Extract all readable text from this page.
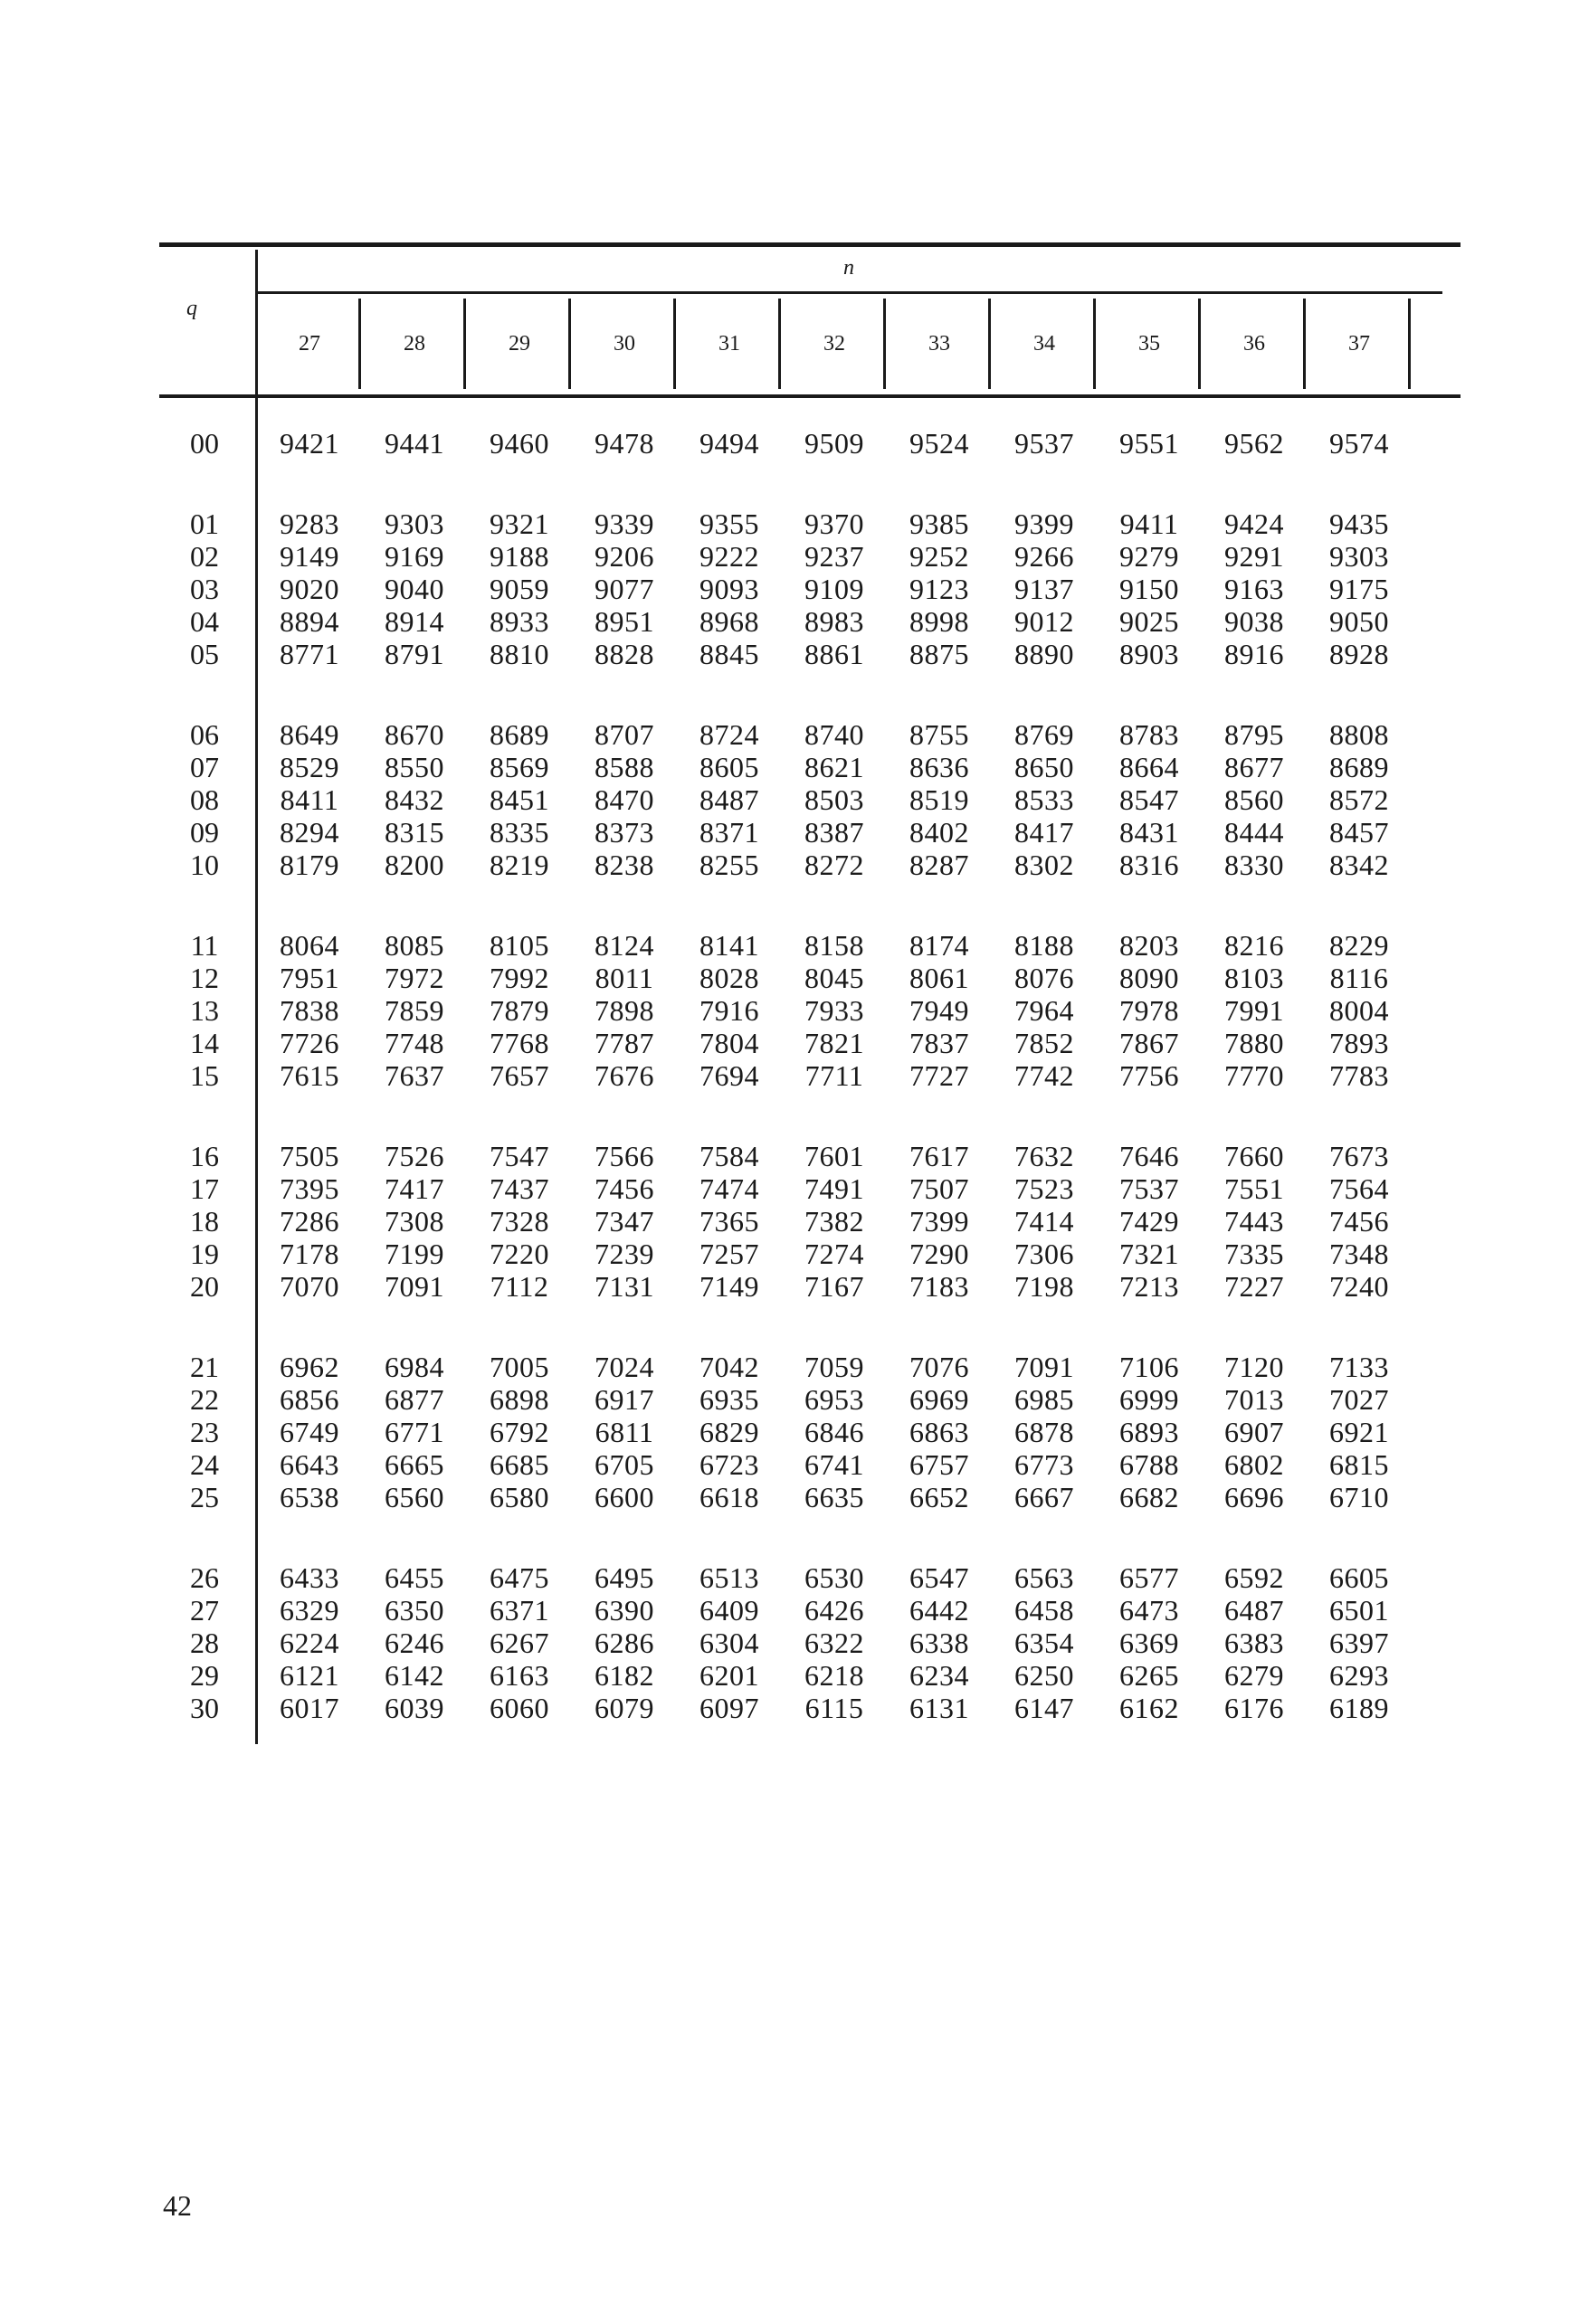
n
q
27	28	29	30	31	32	33	34	35	36	37
00	9421	9441	9460	9478	9494	9509	9524	9537	9551	9562	9574
01	9283	9303	9321	9339	9355	9370	9385	9399	9411	9424	9435
02	9149	9169	9188	9206	9222	9237	9252	9266	9279	9291	9303
03	9020	9040	9059	9077	9093	9109	9123	9137	9150	9163	9175
04	8894	8914	8933	8951	8968	8983	8998	9012	9025	9038	9050
05	8771	8791	8810	8828	8845	8861	8875	8890	8903	8916	8928
06	8649	8670	8689	8707	8724	8740	8755	8769	8783	8795	8808
07	8529	8550	8569	8588	8605	8621	8636	8650	8664	8677	8689
08	8411	8432	8451	8470	8487	8503	8519	8533	8547	8560	8572
09	8294	8315	8335	8373	8371	8387	8402	8417	8431	8444	8457
10	8179	8200	8219	8238	8255	8272	8287	8302	8316	8330	8342
11	8064	8085	8105	8124	8141	8158	8174	8188	8203	8216	8229
12	7951	7972	7992	8011	8028	8045	8061	8076	8090	8103	8116
13	7838	7859	7879	7898	7916	7933	7949	7964	7978	7991	8004
14	7726	7748	7768	7787	7804	7821	7837	7852	7867	7880	7893
15	7615	7637	7657	7676	7694	7711	7727	7742	7756	7770	7783
16	7505	7526	7547	7566	7584	7601	7617	7632	7646	7660	7673
17	7395	7417	7437	7456	7474	7491	7507	7523	7537	7551	7564
18	7286	7308	7328	7347	7365	7382	7399	7414	7429	7443	7456
19	7178	7199	7220	7239	7257	7274	7290	7306	7321	7335	7348
20	7070	7091	7112	7131	7149	7167	7183	7198	7213	7227	7240
21	6962	6984	7005	7024	7042	7059	7076	7091	7106	7120	7133
22	6856	6877	6898	6917	6935	6953	6969	6985	6999	7013	7027
23	6749	6771	6792	6811	6829	6846	6863	6878	6893	6907	6921
24	6643	6665	6685	6705	6723	6741	6757	6773	6788	6802	6815
25	6538	6560	6580	6600	6618	6635	6652	6667	6682	6696	6710
26	6433	6455	6475	6495	6513	6530	6547	6563	6577	6592	6605
27	6329	6350	6371	6390	6409	6426	6442	6458	6473	6487	6501
28	6224	6246	6267	6286	6304	6322	6338	6354	6369	6383	6397
29	6121	6142	6163	6182	6201	6218	6234	6250	6265	6279	6293
30	6017	6039	6060	6079	6097	6115	6131	6147	6162	6176	6189
42
